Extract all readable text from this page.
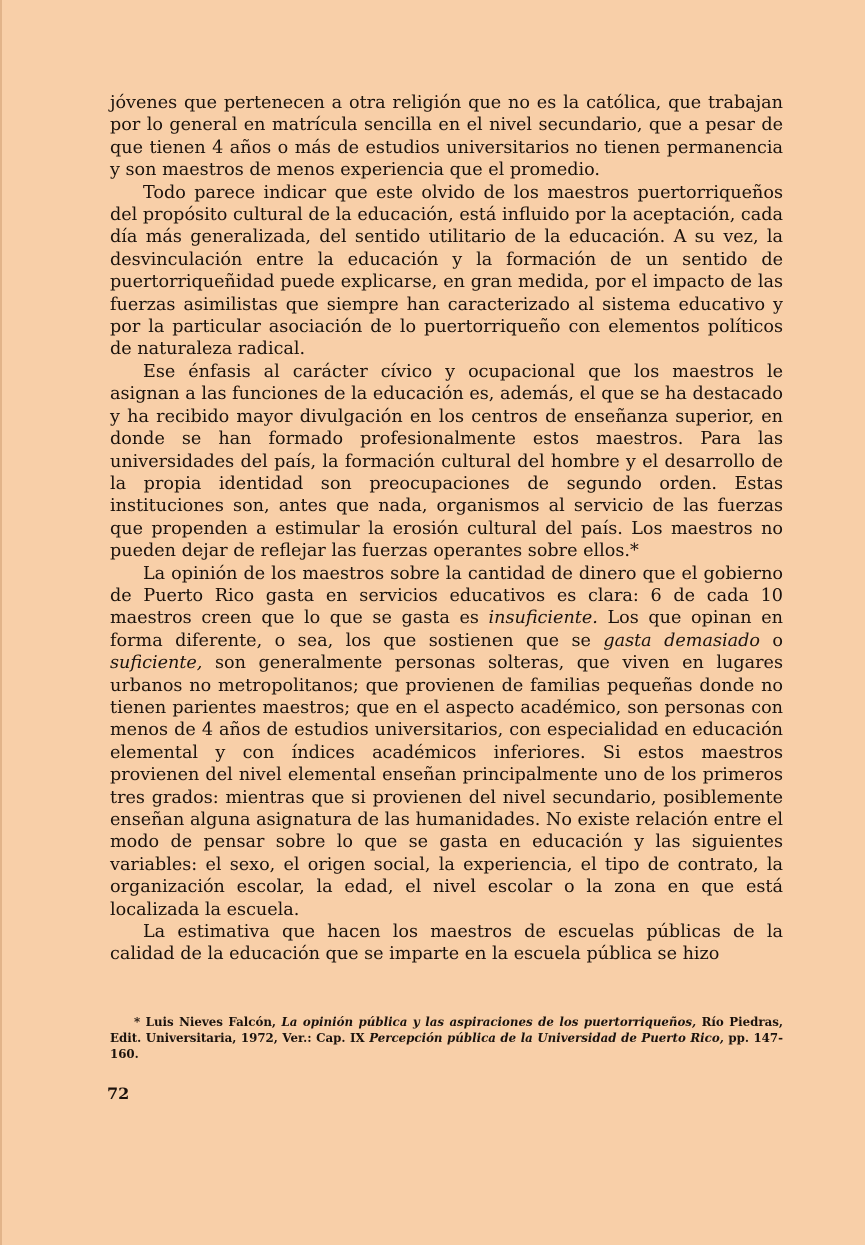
jóvenes que pertenecen a otra religión que no es la católica, que trabajan por lo general en matrícula sencilla en el nivel secundario, que a pesar de que tienen 4 años o más de estudios universitarios no tienen permanencia y son maestros de menos experiencia que el promedio.

Todo parece indicar que este olvido de los maestros puertorriqueños del propósito cultural de la educación, está influido por la aceptación, cada día más generalizada, del sentido utilitario de la educación. A su vez, la desvinculación entre la educación y la formación de un sentido de puertorriqueñidad puede explicarse, en gran medida, por el impacto de las fuerzas asimilistas que siempre han caracterizado al sistema educativo y por la particular asociación de lo puertorriqueño con elementos políticos de naturaleza radical.

Ese énfasis al carácter cívico y ocupacional que los maestros le asignan a las funciones de la educación es, además, el que se ha destacado y ha recibido mayor divulgación en los centros de enseñanza superior, en donde se han formado profesionalmente estos maestros. Para las universidades del país, la formación cultural del hombre y el desarrollo de la propia identidad son preocupaciones de segundo orden. Estas instituciones son, antes que nada, organismos al servicio de las fuerzas que propenden a estimular la erosión cultural del país. Los maestros no pueden dejar de reflejar las fuerzas operantes sobre ellos.*

La opinión de los maestros sobre la cantidad de dinero que el gobierno de Puerto Rico gasta en servicios educativos es clara: 6 de cada 10 maestros creen que lo que se gasta es insuficiente. Los que opinan en forma diferente, o sea, los que sostienen que se gasta demasiado o suficiente, son generalmente personas solteras, que viven en lugares urbanos no metropolitanos; que provienen de familias pequeñas donde no tienen parientes maestros; que en el aspecto académico, son personas con menos de 4 años de estudios universitarios, con especialidad en educación elemental y con índices académicos inferiores. Si estos maestros provienen del nivel elemental enseñan principalmente uno de los primeros tres grados: mientras que si provienen del nivel secundario, posiblemente enseñan alguna asignatura de las humanidades. No existe relación entre el modo de pensar sobre lo que se gasta en educación y las siguientes variables: el sexo, el origen social, la experiencia, el tipo de contrato, la organización escolar, la edad, el nivel escolar o la zona en que está localizada la escuela.

La estimativa que hacen los maestros de escuelas públicas de la calidad de la educación que se imparte en la escuela pública se hizo

* Luis Nieves Falcón, La opinión pública y las aspiraciones de los puertorriqueños, Río Piedras, Edit. Universitaria, 1972, Ver.: Cap. IX Percepción pública de la Universidad de Puerto Rico, pp. 147-160.
72
